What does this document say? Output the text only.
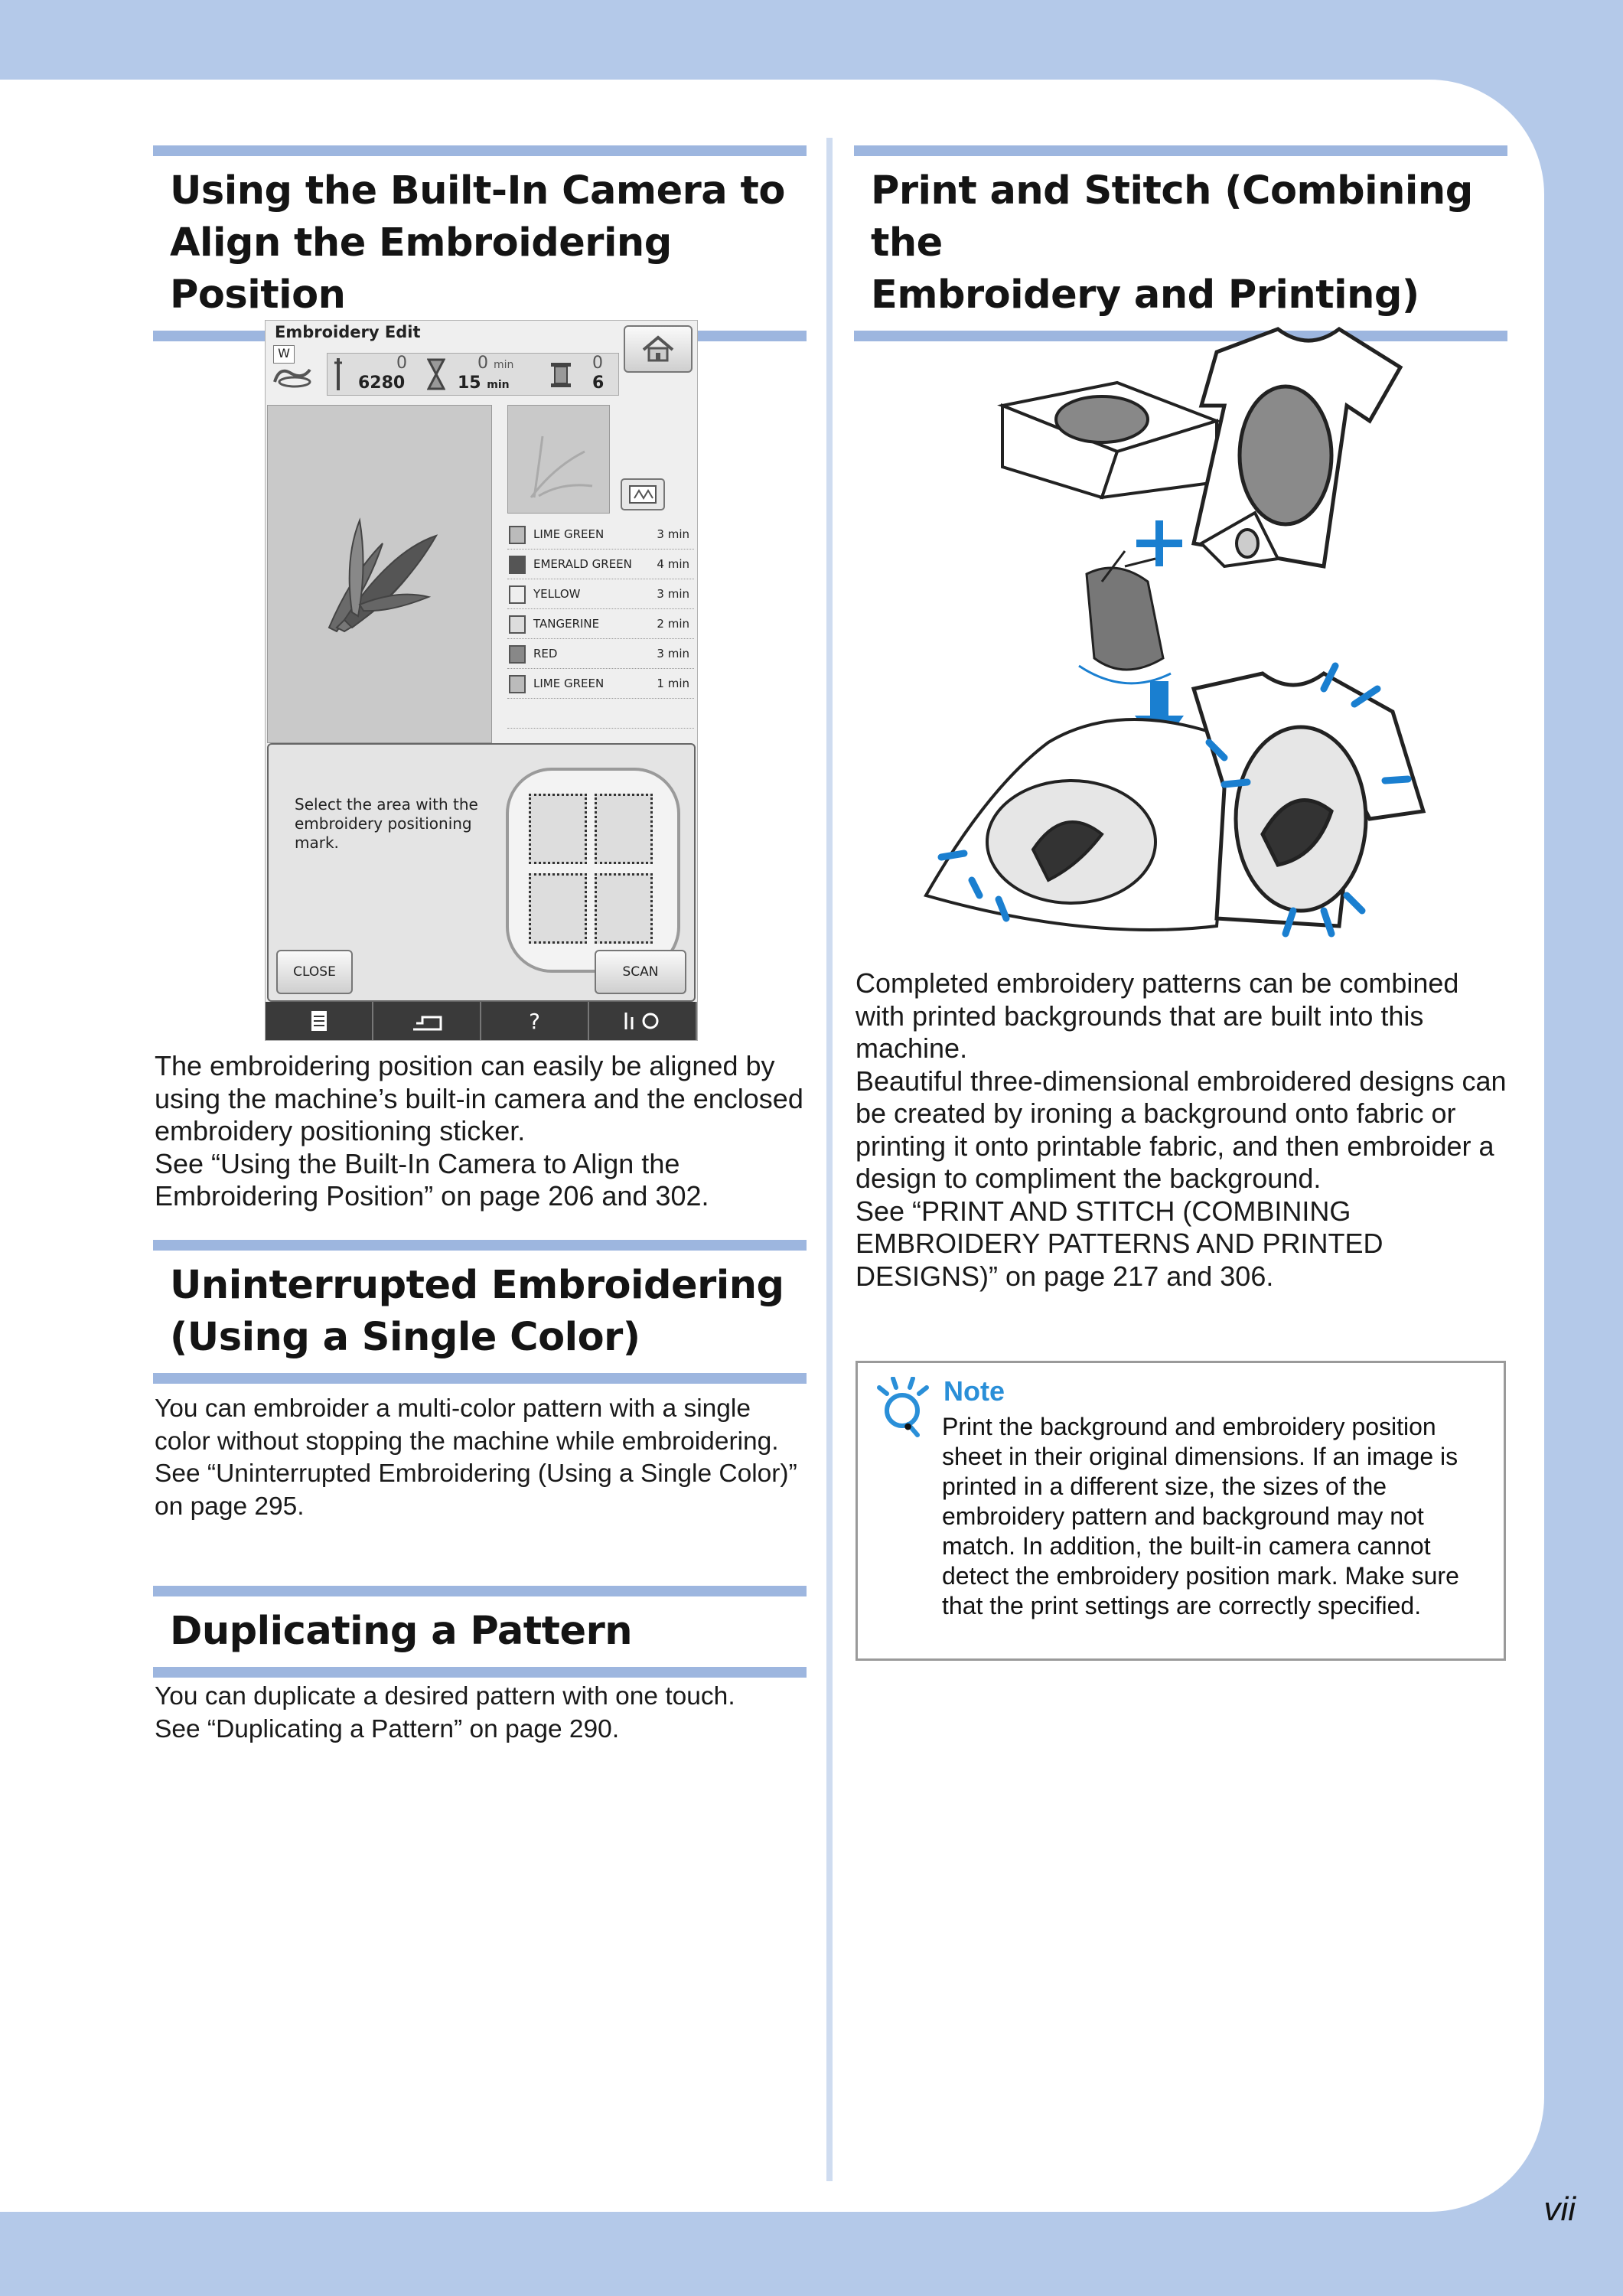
Using the Built-In Camera to
Align the Embroidering Position
Embroidery Edit
W
0
6280
0 min
15 min
0
6
LIME GREEN	3 min
EMERALD GREEN 4 min
YELLOW	3 min
TANGERINE	2 min
RED	3 min
LIME GREEN	1 min
Select the area with the embroidery positioning mark.
CLOSE	SCAN
?

The embroidering position can easily be aligned by using the machine’s built-in camera and the enclosed embroidery positioning sticker.

See “Using the Built-In Camera to Align the Embroidering Position” on page 206 and 302.

Uninterrupted Embroidering
(Using a Single Color)

You can embroider a multi-color pattern with a single color without stopping the machine while embroidering.

See “Uninterrupted Embroidering (Using a Single Color)” on page 295.

Duplicating a Pattern

You can duplicate a desired pattern with one touch.

See “Duplicating a Pattern” on page 290.

Print and Stitch (Combining the
Embroidery and Printing)

Completed embroidery patterns can be combined with printed backgrounds that are built into this machine.

Beautiful three-dimensional embroidered designs can be created by ironing a background onto fabric or printing it onto printable fabric, and then embroider a design to compliment the background.

See “PRINT AND STITCH (COMBINING EMBROIDERY PATTERNS AND PRINTED DESIGNS)” on page 217 and 306.

Note
•	Print the background and embroidery position sheet in their original dimensions. If an image is printed in a different size, the sizes of the embroidery pattern and background may not match. In addition, the built-in camera cannot detect the embroidery position mark. Make sure that the print settings are correctly specified.
vii
